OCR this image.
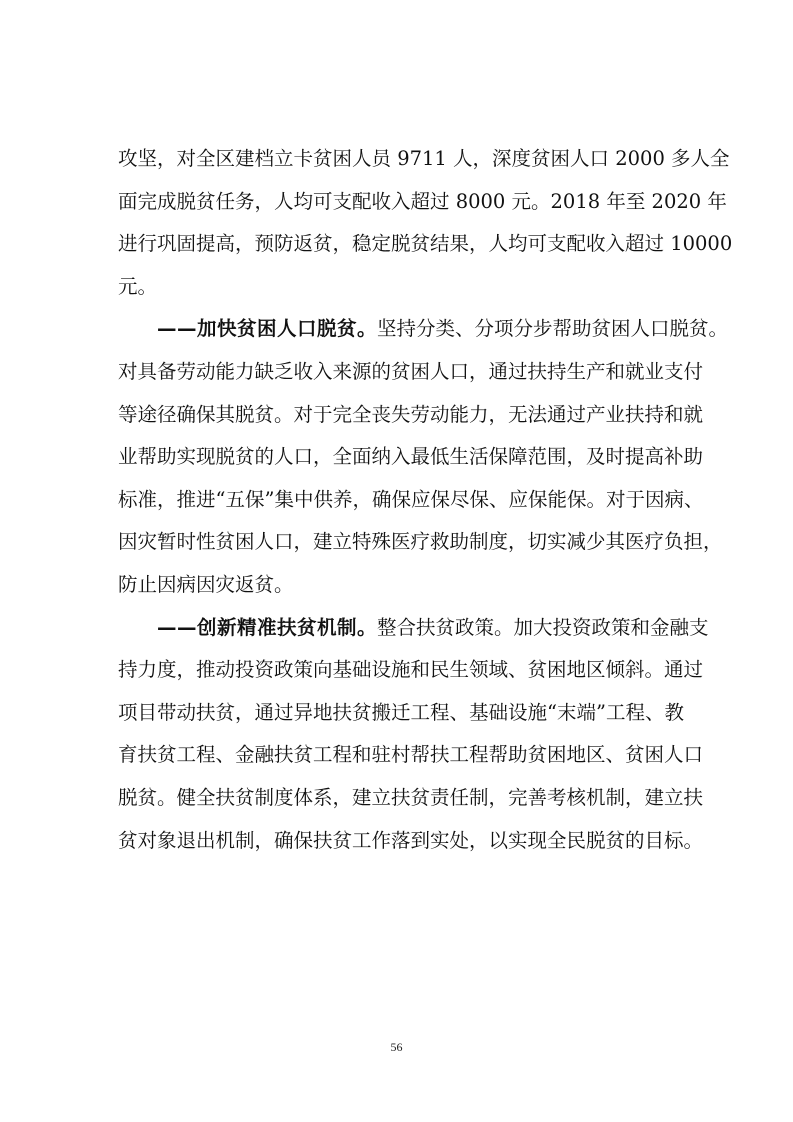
攻坚，对全区建档立卡贫困人员 9711 人，深度贫困人口 2000 多人全
面完成脱贫任务，人均可支配收入超过 8000 元。2018 年至 2020 年
进行巩固提高，预防返贫，稳定脱贫结果，人均可支配收入超过 10000
元。
——加快贫困人口脱贫。坚持分类、分项分步帮助贫困人口脱贫。
对具备劳动能力缺乏收入来源的贫困人口，通过扶持生产和就业支付
等途径确保其脱贫。对于完全丧失劳动能力，无法通过产业扶持和就
业帮助实现脱贫的人口，全面纳入最低生活保障范围，及时提高补助
标准，推进“五保”集中供养，确保应保尽保、应保能保。对于因病、
因灾暂时性贫困人口，建立特殊医疗救助制度，切实减少其医疗负担，
防止因病因灾返贫。
——创新精准扶贫机制。整合扶贫政策。加大投资政策和金融支
持力度，推动投资政策向基础设施和民生领域、贫困地区倾斜。通过
项目带动扶贫，通过异地扶贫搬迁工程、基础设施“末端”工程、教
育扶贫工程、金融扶贫工程和驻村帮扶工程帮助贫困地区、贫困人口
脱贫。健全扶贫制度体系，建立扶贫责任制，完善考核机制，建立扶
贫对象退出机制，确保扶贫工作落到实处，以实现全民脱贫的目标。
56
